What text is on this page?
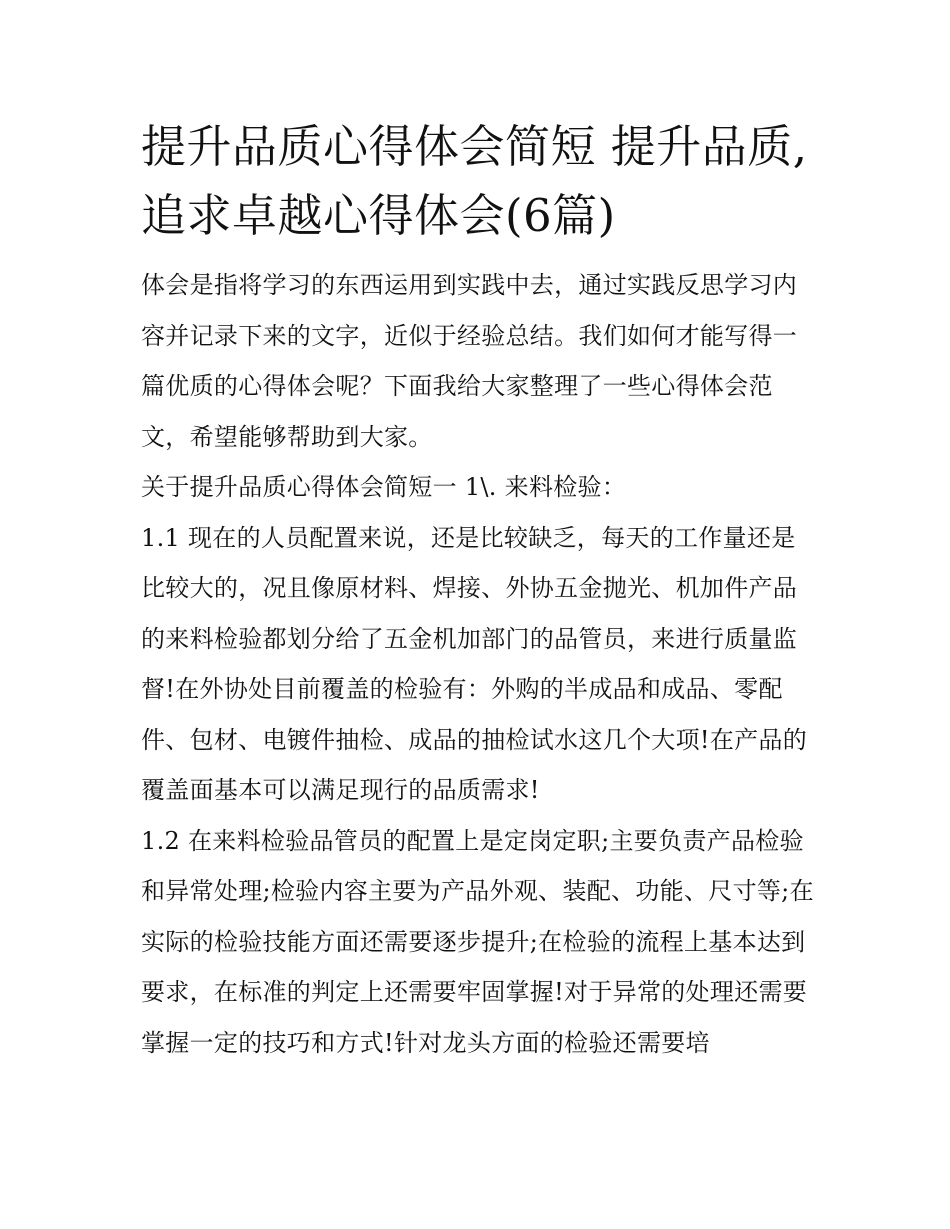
提升品质心得体会简短 提升品质,追求卓越心得体会(6篇)

体会是指将学习的东西运用到实践中去，通过实践反思学习内容并记录下来的文字，近似于经验总结。我们如何才能写得一篇优质的心得体会呢？下面我给大家整理了一些心得体会范文，希望能够帮助到大家。

关于提升品质心得体会简短一 1\. 来料检验：

1.1 现在的人员配置来说，还是比较缺乏，每天的工作量还是比较大的，况且像原材料、焊接、外协五金抛光、机加件产品的来料检验都划分给了五金机加部门的品管员，来进行质量监督!在外协处目前覆盖的检验有：外购的半成品和成品、零配件、包材、电镀件抽检、成品的抽检试水这几个大项!在产品的覆盖面基本可以满足现行的品质需求!

1.2 在来料检验品管员的配置上是定岗定职;主要负责产品检验和异常处理;检验内容主要为产品外观、装配、功能、尺寸等;在实际的检验技能方面还需要逐步提升;在检验的流程上基本达到要求，在标准的判定上还需要牢固掌握!对于异常的处理还需要掌握一定的技巧和方式!针对龙头方面的检验还需要培
